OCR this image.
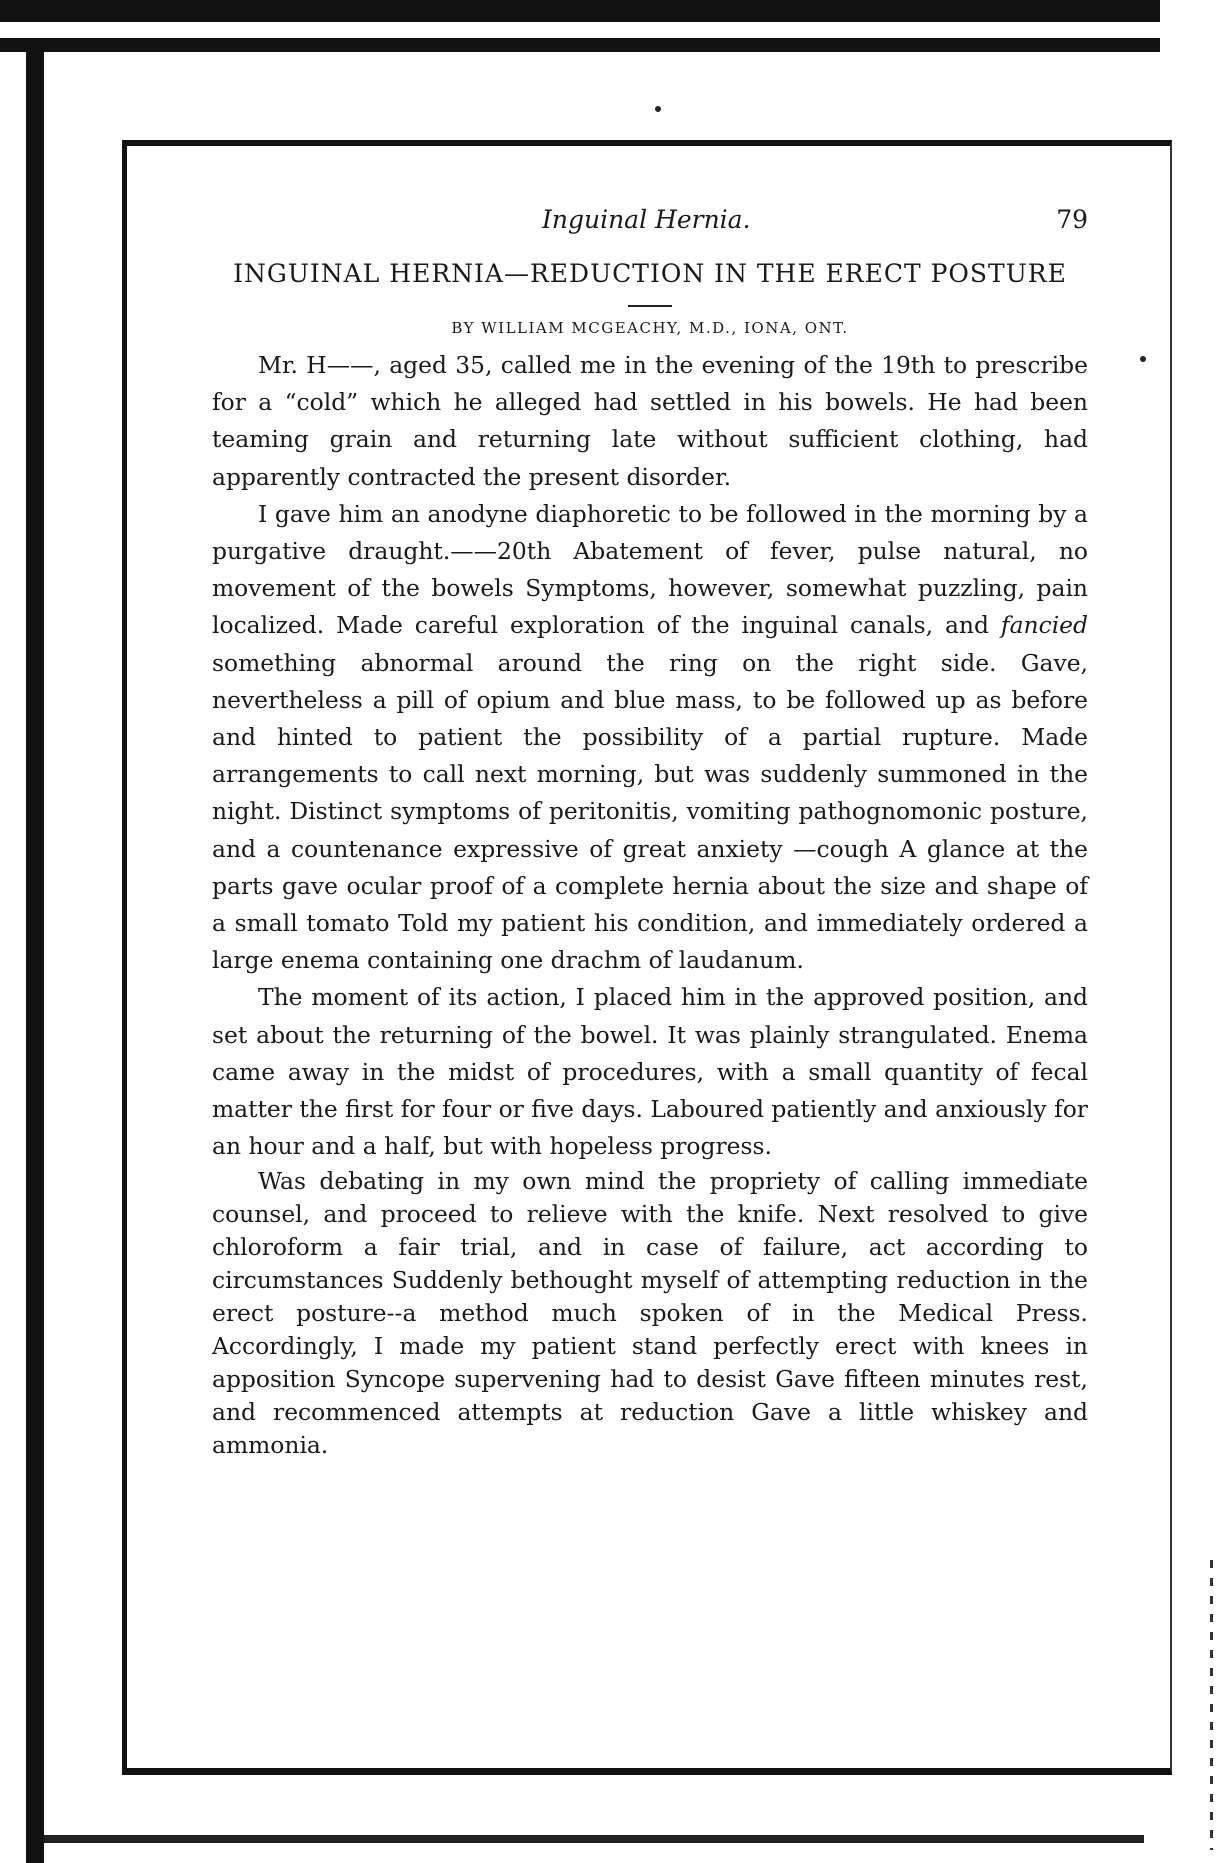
Inguinal Hernia.	79
INGUINAL HERNIA—REDUCTION IN THE ERECT POSTURE
BY WILLIAM MCGEACHY, M.D., IONA, ONT.

Mr. H——, aged 35, called me in the evening of the 19th to prescribe for a “cold” which he alleged had settled in his bowels. He had been teaming grain and returning late without sufficient clothing, had apparently contracted the present disorder.

I gave him an anodyne diaphoretic to be followed in the morning by a purgative draught.——20th Abatement of fever, pulse natural, no movement of the bowels Symptoms, however, somewhat puzzling, pain localized. Made careful exploration of the inguinal canals, and fancied something abnormal around the ring on the right side. Gave, nevertheless a pill of opium and blue mass, to be followed up as before and hinted to patient the possibility of a partial rupture. Made arrangements to call next morning, but was suddenly summoned in the night. Distinct symptoms of peritonitis, vomiting pathognomonic posture, and a countenance expressive of great anxiety —cough A glance at the parts gave ocular proof of a complete hernia about the size and shape of a small tomato Told my patient his condition, and immediately ordered a large enema containing one drachm of laudanum.

The moment of its action, I placed him in the approved position, and set about the returning of the bowel. It was plainly strangulated. Enema came away in the midst of procedures, with a small quantity of fecal matter the first for four or five days. Laboured patiently and anxiously for an hour and a half, but with hopeless progress.

Was debating in my own mind the propriety of calling immediate counsel, and proceed to relieve with the knife. Next resolved to give chloroform a fair trial, and in case of failure, act according to circumstances Suddenly bethought myself of attempting reduction in the erect posture--a method much spoken of in the Medical Press. Accordingly, I made my patient stand perfectly erect with knees in apposition Syncope supervening had to desist Gave fifteen minutes rest, and recommenced attempts at reduction Gave a little whiskey and ammonia.
